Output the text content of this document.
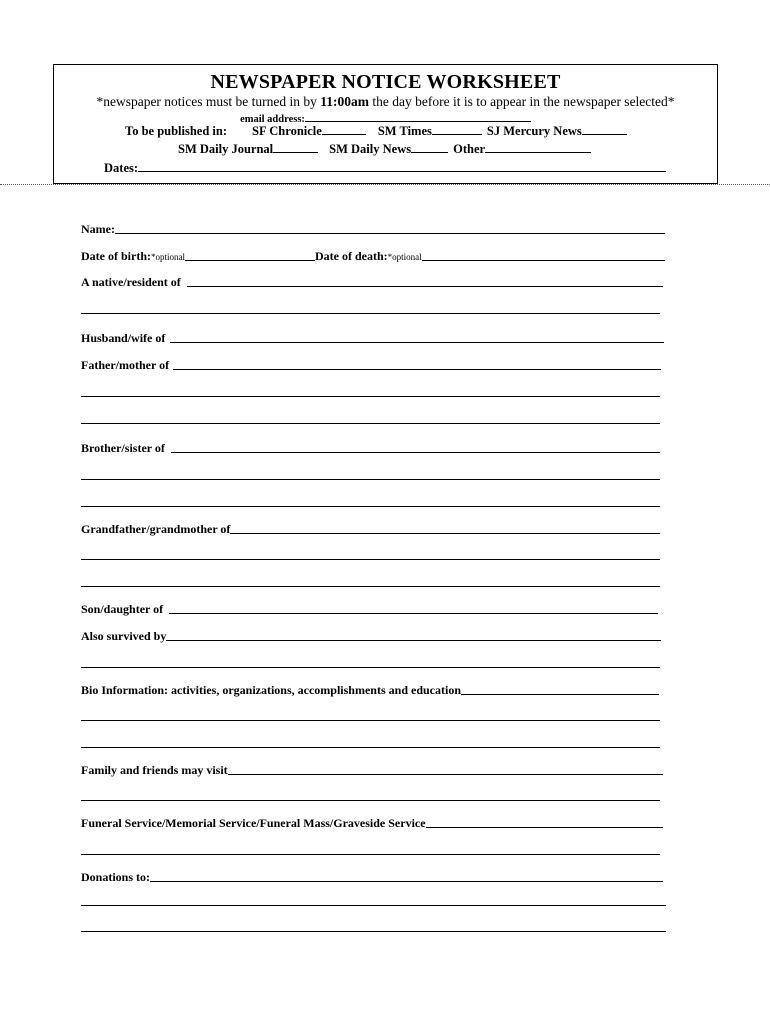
NEWSPAPER NOTICE WORKSHEET
*newspaper notices must be turned in by 11:00am the day before it is to appear in the newspaper selected*
email address:
To be published in: SF Chronicle	SM Times	SJ Mercury News
SM Daily Journal	SM Daily News	Other
Dates:
Name:
Date of birth:*optional	Date of death:*optional
A native/resident of
Husband/wife of
Father/mother of
Brother/sister of
Grandfather/grandmother of
Son/daughter of
Also survived by
Bio Information: activities, organizations, accomplishments and education
Family and friends may visit
Funeral Service/Memorial Service/Funeral Mass/Graveside Service
Donations to:
